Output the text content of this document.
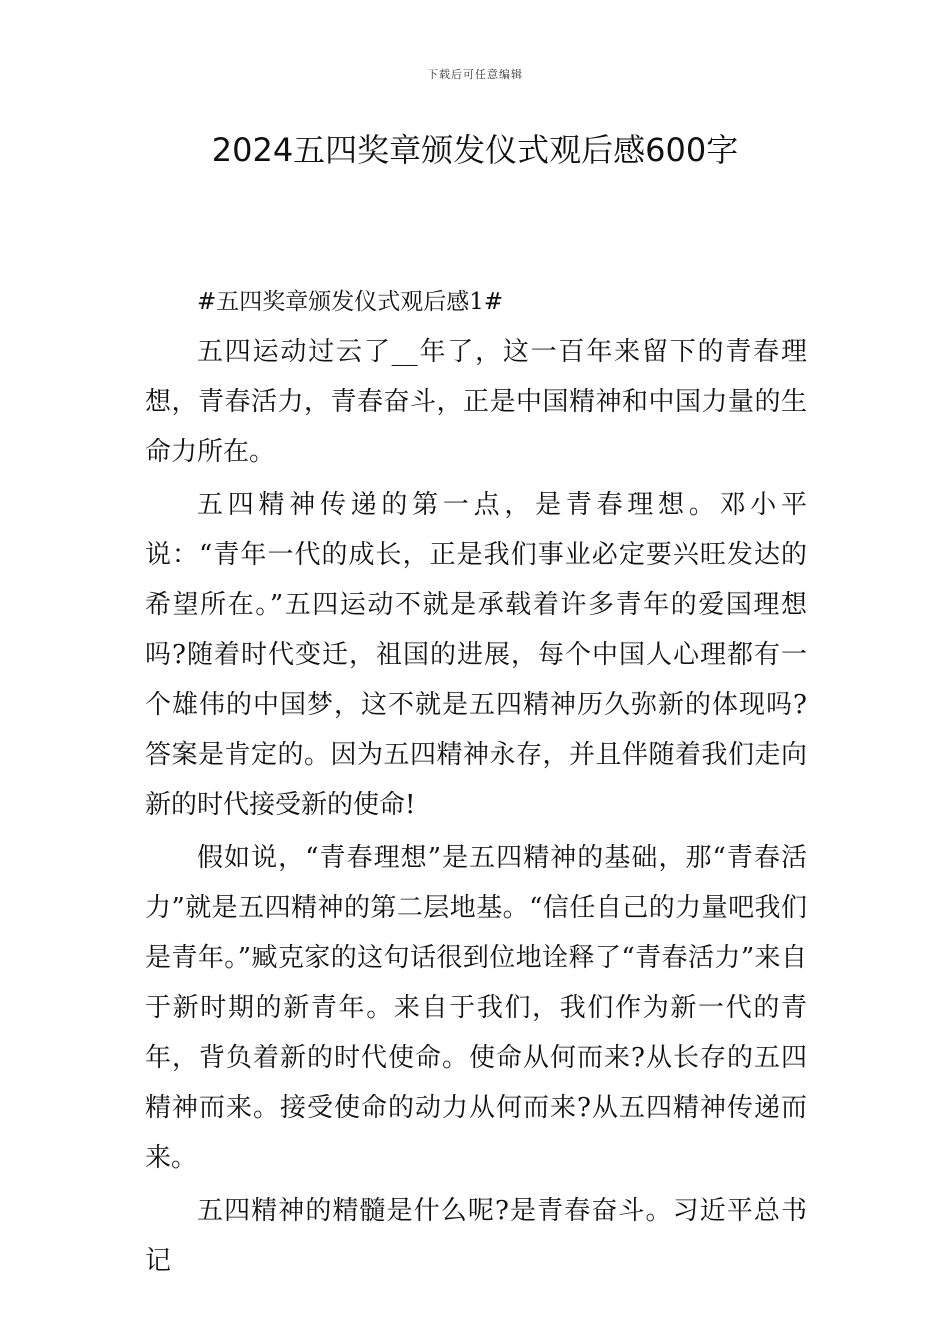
下载后可任意编辑
2024五四奖章颁发仪式观后感600字

#五四奖章颁发仪式观后感1#

五四运动过云了__年了，这一百年来留下的青春理想，青春活力，青春奋斗，正是中国精神和中国力量的生命力所在。

五四精神传递的第一点，是青春理想。邓小平说：“青年一代的成长，正是我们事业必定要兴旺发达的希望所在。”五四运动不就是承载着许多青年的爱国理想吗?随着时代变迁，祖国的进展，每个中国人心理都有一个雄伟的中国梦，这不就是五四精神历久弥新的体现吗?答案是肯定的。因为五四精神永存，并且伴随着我们走向新的时代接受新的使命!

假如说，“青春理想”是五四精神的基础，那“青春活力”就是五四精神的第二层地基。“信任自己的力量吧我们是青年。”臧克家的这句话很到位地诠释了“青春活力”来自于新时期的新青年。来自于我们，我们作为新一代的青年，背负着新的时代使命。使命从何而来?从长存的五四精神而来。接受使命的动力从何而来?从五四精神传递而来。

五四精神的精髓是什么呢?是青春奋斗。习近平总书记
